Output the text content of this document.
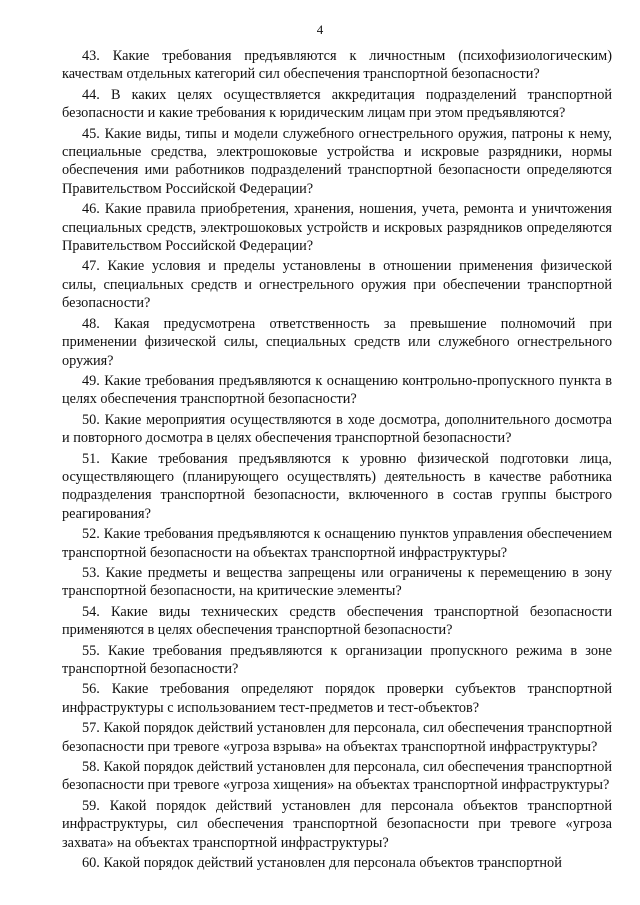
4

43. Какие требования предъявляются к личностным (психофизиологическим) качествам отдельных категорий сил обеспечения транспортной безопасности?

44. В каких целях осуществляется аккредитация подразделений транспортной безопасности и какие требования к юридическим лицам при этом предъявляются?

45. Какие виды, типы и модели служебного огнестрельного оружия, патроны к нему, специальные средства, электрошоковые устройства и искровые разрядники, нормы обеспечения ими работников подразделений транспортной безопасности определяются Правительством Российской Федерации?

46. Какие правила приобретения, хранения, ношения, учета, ремонта и уничтожения специальных средств, электрошоковых устройств и искровых разрядников определяются Правительством Российской Федерации?

47. Какие условия и пределы установлены в отношении применения физической силы, специальных средств и огнестрельного оружия при обеспечении транспортной безопасности?

48. Какая предусмотрена ответственность за превышение полномочий при применении физической силы, специальных средств или служебного огнестрельного оружия?

49. Какие требования предъявляются к оснащению контрольно-пропускного пункта в целях обеспечения транспортной безопасности?

50. Какие мероприятия осуществляются в ходе досмотра, дополнительного досмотра и повторного досмотра в целях обеспечения транспортной безопасности?

51. Какие требования предъявляются к уровню физической подготовки лица, осуществляющего (планирующего осуществлять) деятельность в качестве работника подразделения транспортной безопасности, включенного в состав группы быстрого реагирования?

52. Какие требования предъявляются к оснащению пунктов управления обеспечением транспортной безопасности на объектах транспортной инфраструктуры?

53. Какие предметы и вещества запрещены или ограничены к перемещению в зону транспортной безопасности, на критические элементы?

54. Какие виды технических средств обеспечения транспортной безопасности применяются в целях обеспечения транспортной безопасности?

55. Какие требования предъявляются к организации пропускного режима в зоне транспортной безопасности?

56. Какие требования определяют порядок проверки субъектов транспортной инфраструктуры с использованием тест-предметов и тест-объектов?

57. Какой порядок действий установлен для персонала, сил обеспечения транспортной безопасности при тревоге «угроза взрыва» на объектах транспортной инфраструктуры?

58. Какой порядок действий установлен для персонала, сил обеспечения транспортной безопасности при тревоге «угроза хищения» на объектах транспортной инфраструктуры?

59. Какой порядок действий установлен для персонала объектов транспортной инфраструктуры, сил обеспечения транспортной безопасности при тревоге «угроза захвата» на объектах транспортной инфраструктуры?

60. Какой порядок действий установлен для персонала объектов транспортной
